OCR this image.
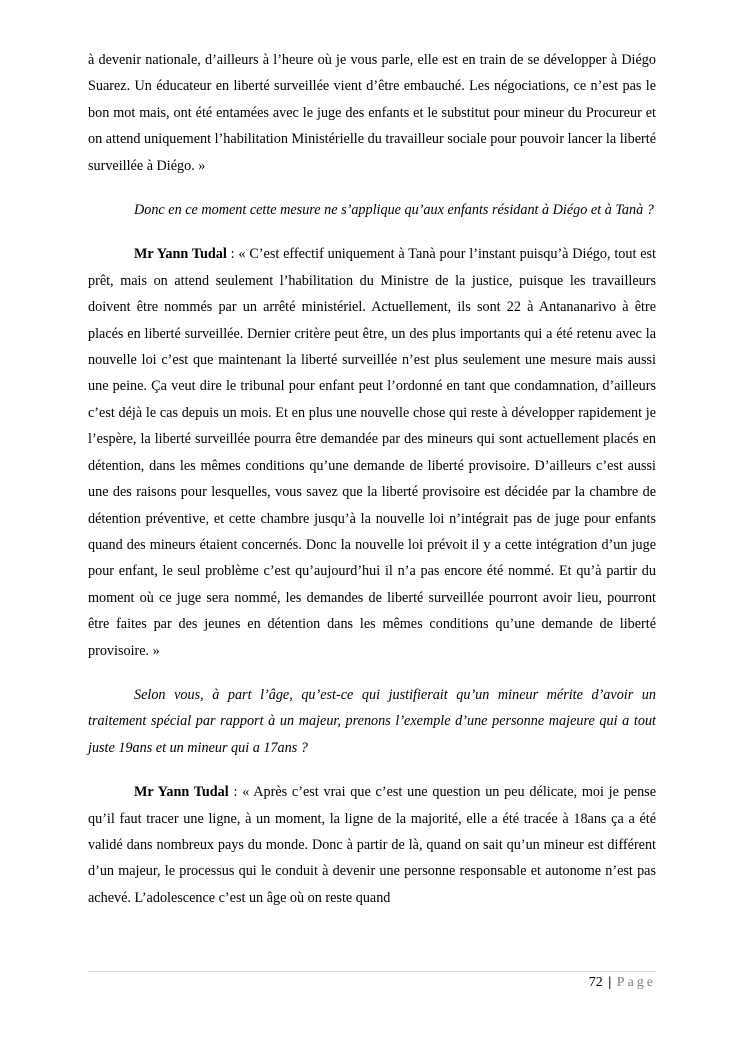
à devenir nationale, d’ailleurs à l’heure où je vous parle, elle est en train de se développer à Diégo Suarez. Un éducateur en liberté surveillée vient d’être embauché. Les négociations, ce n’est pas le bon mot mais, ont été entamées avec le juge des enfants et le substitut pour mineur du Procureur et on attend uniquement l’habilitation Ministérielle du travailleur sociale pour pouvoir lancer la liberté surveillée à Diégo. »

Donc en ce moment cette mesure ne s’applique qu’aux enfants résidant à Diégo et à Tanà ?

Mr Yann Tudal : « C’est effectif uniquement à Tanà pour l’instant puisqu’à Diégo, tout est prêt, mais on attend seulement l’habilitation du Ministre de la justice, puisque les travailleurs doivent être nommés par un arrêté ministériel. Actuellement, ils sont 22 à Antananarivo à être placés en liberté surveillée. Dernier critère peut être, un des plus importants qui a été retenu avec la nouvelle loi c’est que maintenant la liberté surveillée n’est plus seulement une mesure mais aussi une peine. Ça veut dire le tribunal pour enfant peut l’ordonné en tant que condamnation, d’ailleurs c’est déjà le cas depuis un mois. Et en plus une nouvelle chose qui reste à développer rapidement je l’espère, la liberté surveillée pourra être demandée par des mineurs qui sont actuellement placés en détention, dans les mêmes conditions qu’une demande de liberté provisoire. D’ailleurs c’est aussi une des raisons pour lesquelles, vous savez que la liberté provisoire est décidée par la chambre de détention préventive, et cette chambre jusqu’à la nouvelle loi n’intégrait pas de juge pour enfants quand des mineurs étaient concernés. Donc la nouvelle loi prévoit il y a cette intégration d’un juge pour enfant, le seul problème c’est qu’aujourd’hui il n’a pas encore été nommé. Et qu’à partir du moment où ce juge sera nommé, les demandes de liberté surveillée pourront avoir lieu, pourront être faites par des jeunes en détention dans les mêmes conditions qu’une demande de liberté provisoire. »

Selon vous, à part l’âge, qu’est-ce qui justifierait qu’un mineur mérite d’avoir un traitement spécial par rapport à un majeur, prenons l’exemple d’une personne majeure qui a tout juste 19ans et un mineur qui a 17ans ?

Mr Yann Tudal : « Après c’est vrai que c’est une question un peu délicate, moi je pense qu’il faut tracer une ligne, à un moment, la ligne de la majorité, elle a été tracée à 18ans ça a été validé dans nombreux pays du monde. Donc à partir de là, quand on sait qu’un mineur est différent d’un majeur, le processus qui le conduit à devenir une personne responsable et autonome n’est pas achevé. L’adolescence c’est un âge où on reste quand

72 | Page
